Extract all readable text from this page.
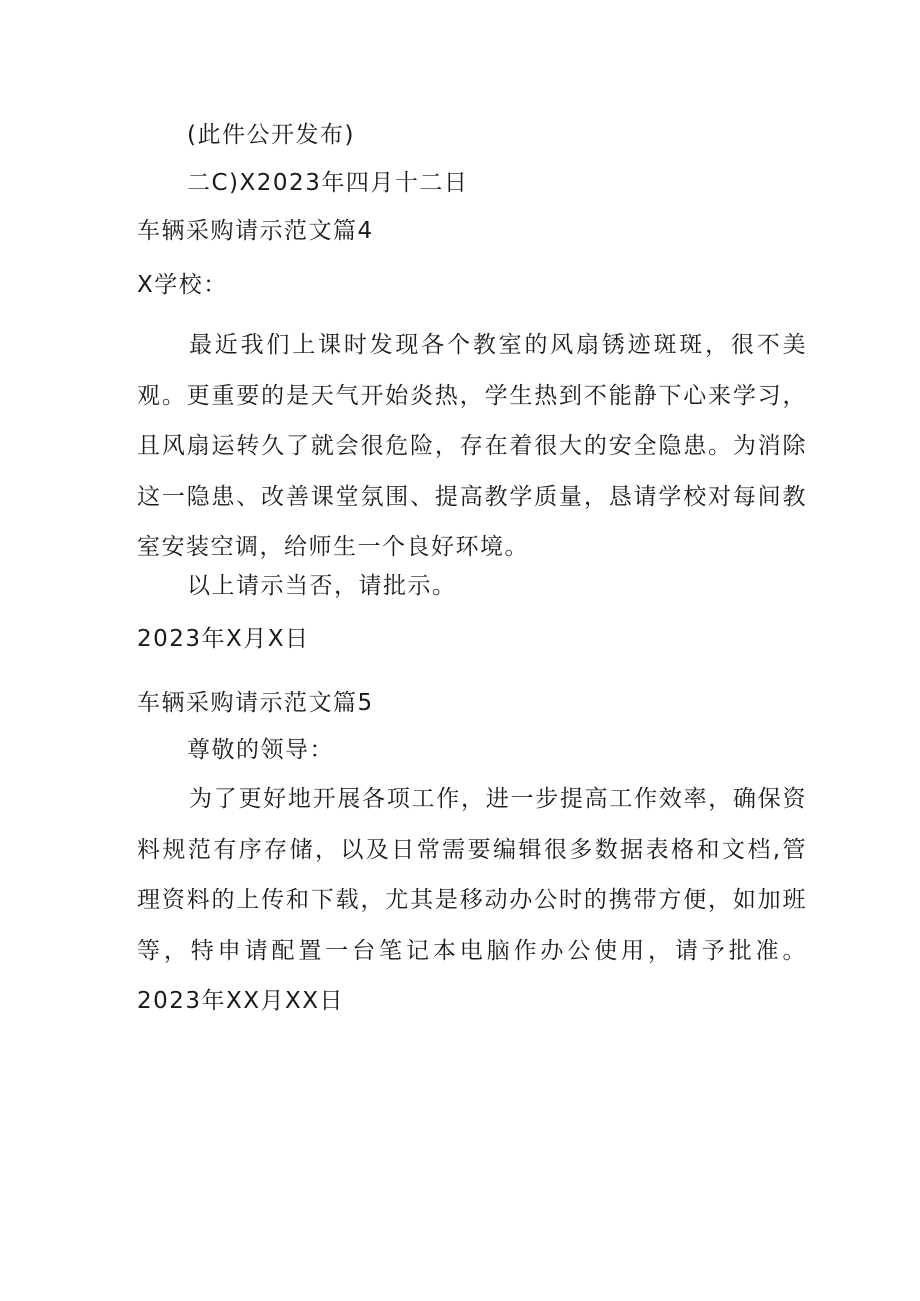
(此件公开发布)
二C)X2023年四月十二日
车辆采购请示范文篇4
X学校：
最近我们上课时发现各个教室的风扇锈迹斑斑，很不美观。更重要的是天气开始炎热，学生热到不能静下心来学习，且风扇运转久了就会很危险，存在着很大的安全隐患。为消除这一隐患、改善课堂氛围、提高教学质量，恳请学校对每间教室安装空调，给师生一个良好环境。
以上请示当否，请批示。
2023年X月X日
车辆采购请示范文篇5
尊敬的领导：
为了更好地开展各项工作，进一步提高工作效率，确保资料规范有序存储，以及日常需要编辑很多数据表格和文档,管理资料的上传和下载，尤其是移动办公时的携带方便，如加班等，特申请配置一台笔记本电脑作办公使用，请予批准。2023年XX月XX日
